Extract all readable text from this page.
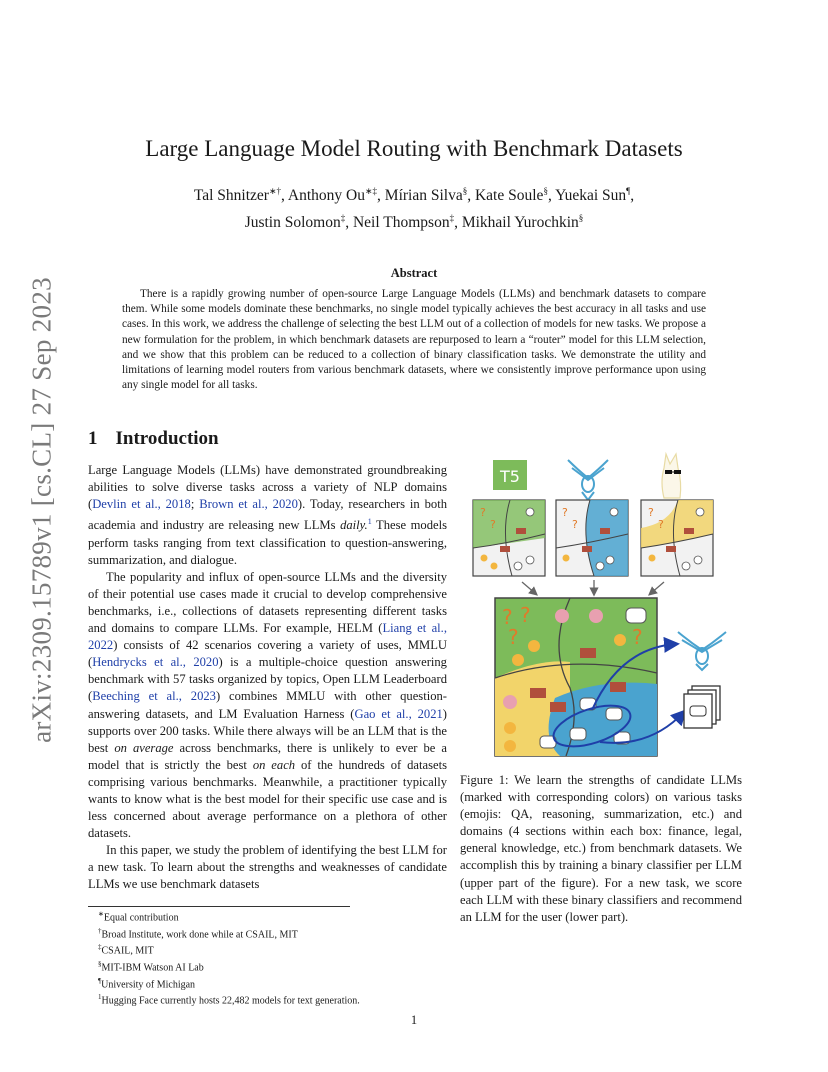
arXiv:2309.15789v1 [cs.CL] 27 Sep 2023
Large Language Model Routing with Benchmark Datasets
Tal Shnitzer∗†, Anthony Ou∗‡, Mírian Silva§, Kate Soule§, Yuekai Sun¶,
Justin Solomon‡, Neil Thompson‡, Mikhail Yurochkin§
Abstract
There is a rapidly growing number of open-source Large Language Models (LLMs) and benchmark datasets to compare them. While some models dominate these benchmarks, no single model typically achieves the best accuracy in all tasks and use cases. In this work, we address the challenge of selecting the best LLM out of a collection of models for new tasks. We propose a new formulation for the problem, in which benchmark datasets are repurposed to learn a “router” model for this LLM selection, and we show that this problem can be reduced to a collection of binary classification tasks. We demonstrate the utility and limitations of learning model routers from various benchmark datasets, where we consistently improve performance upon using any single model for all tasks.
1 Introduction

Large Language Models (LLMs) have demonstrated groundbreaking abilities to solve diverse tasks across a variety of NLP domains (Devlin et al., 2018; Brown et al., 2020). Today, researchers in both academia and industry are releasing new LLMs daily.$^1$ These models perform tasks ranging from text classification to question-answering, summarization, and dialogue.

The popularity and influx of open-source LLMs and the diversity of their potential use cases made it crucial to develop comprehensive benchmarks, i.e., collections of datasets representing different tasks and domains to compare LLMs. For example, HELM (Liang et al., 2022) consists of 42 scenarios covering a variety of uses, MMLU (Hendrycks et al., 2020) is a multiple-choice question answering benchmark with 57 tasks organized by topics, Open LLM Leaderboard (Beeching et al., 2023) combines MMLU with other question-answering datasets, and LM Evaluation Harness (Gao et al., 2021) supports over 200 tasks. While there always will be an LLM that is the best on average across benchmarks, there is unlikely to ever be a model that is strictly the best on each of the hundreds of datasets comprising various benchmarks. Meanwhile, a practitioner typically wants to know what is the best model for their specific use case and is less concerned about average performance on a plethora of other datasets.

In this paper, we study the problem of identifying the best LLM for a new task. To learn about the strengths and weaknesses of candidate LLMs we use benchmark datasets

∗Equal contribution
†Broad Institute, work done while at CSAIL, MIT
‡CSAIL, MIT
§MIT-IBM Watson AI Lab
¶University of Michigan
$^1$Hugging Face currently hosts 22,482 models for text generation.
T5
?
?
?
?
?
?
? ?
?	?
Figure 1: We learn the strengths of candidate LLMs (marked with corresponding colors) on various tasks (emojis: QA, reasoning, summarization, etc.) and domains (4 sections within each box: finance, legal, general knowledge, etc.) from benchmark datasets. We accomplish this by training a binary classifier per LLM (upper part of the figure). For a new task, we score each LLM with these binary classifiers and recommend an LLM for the user (lower part).
1
